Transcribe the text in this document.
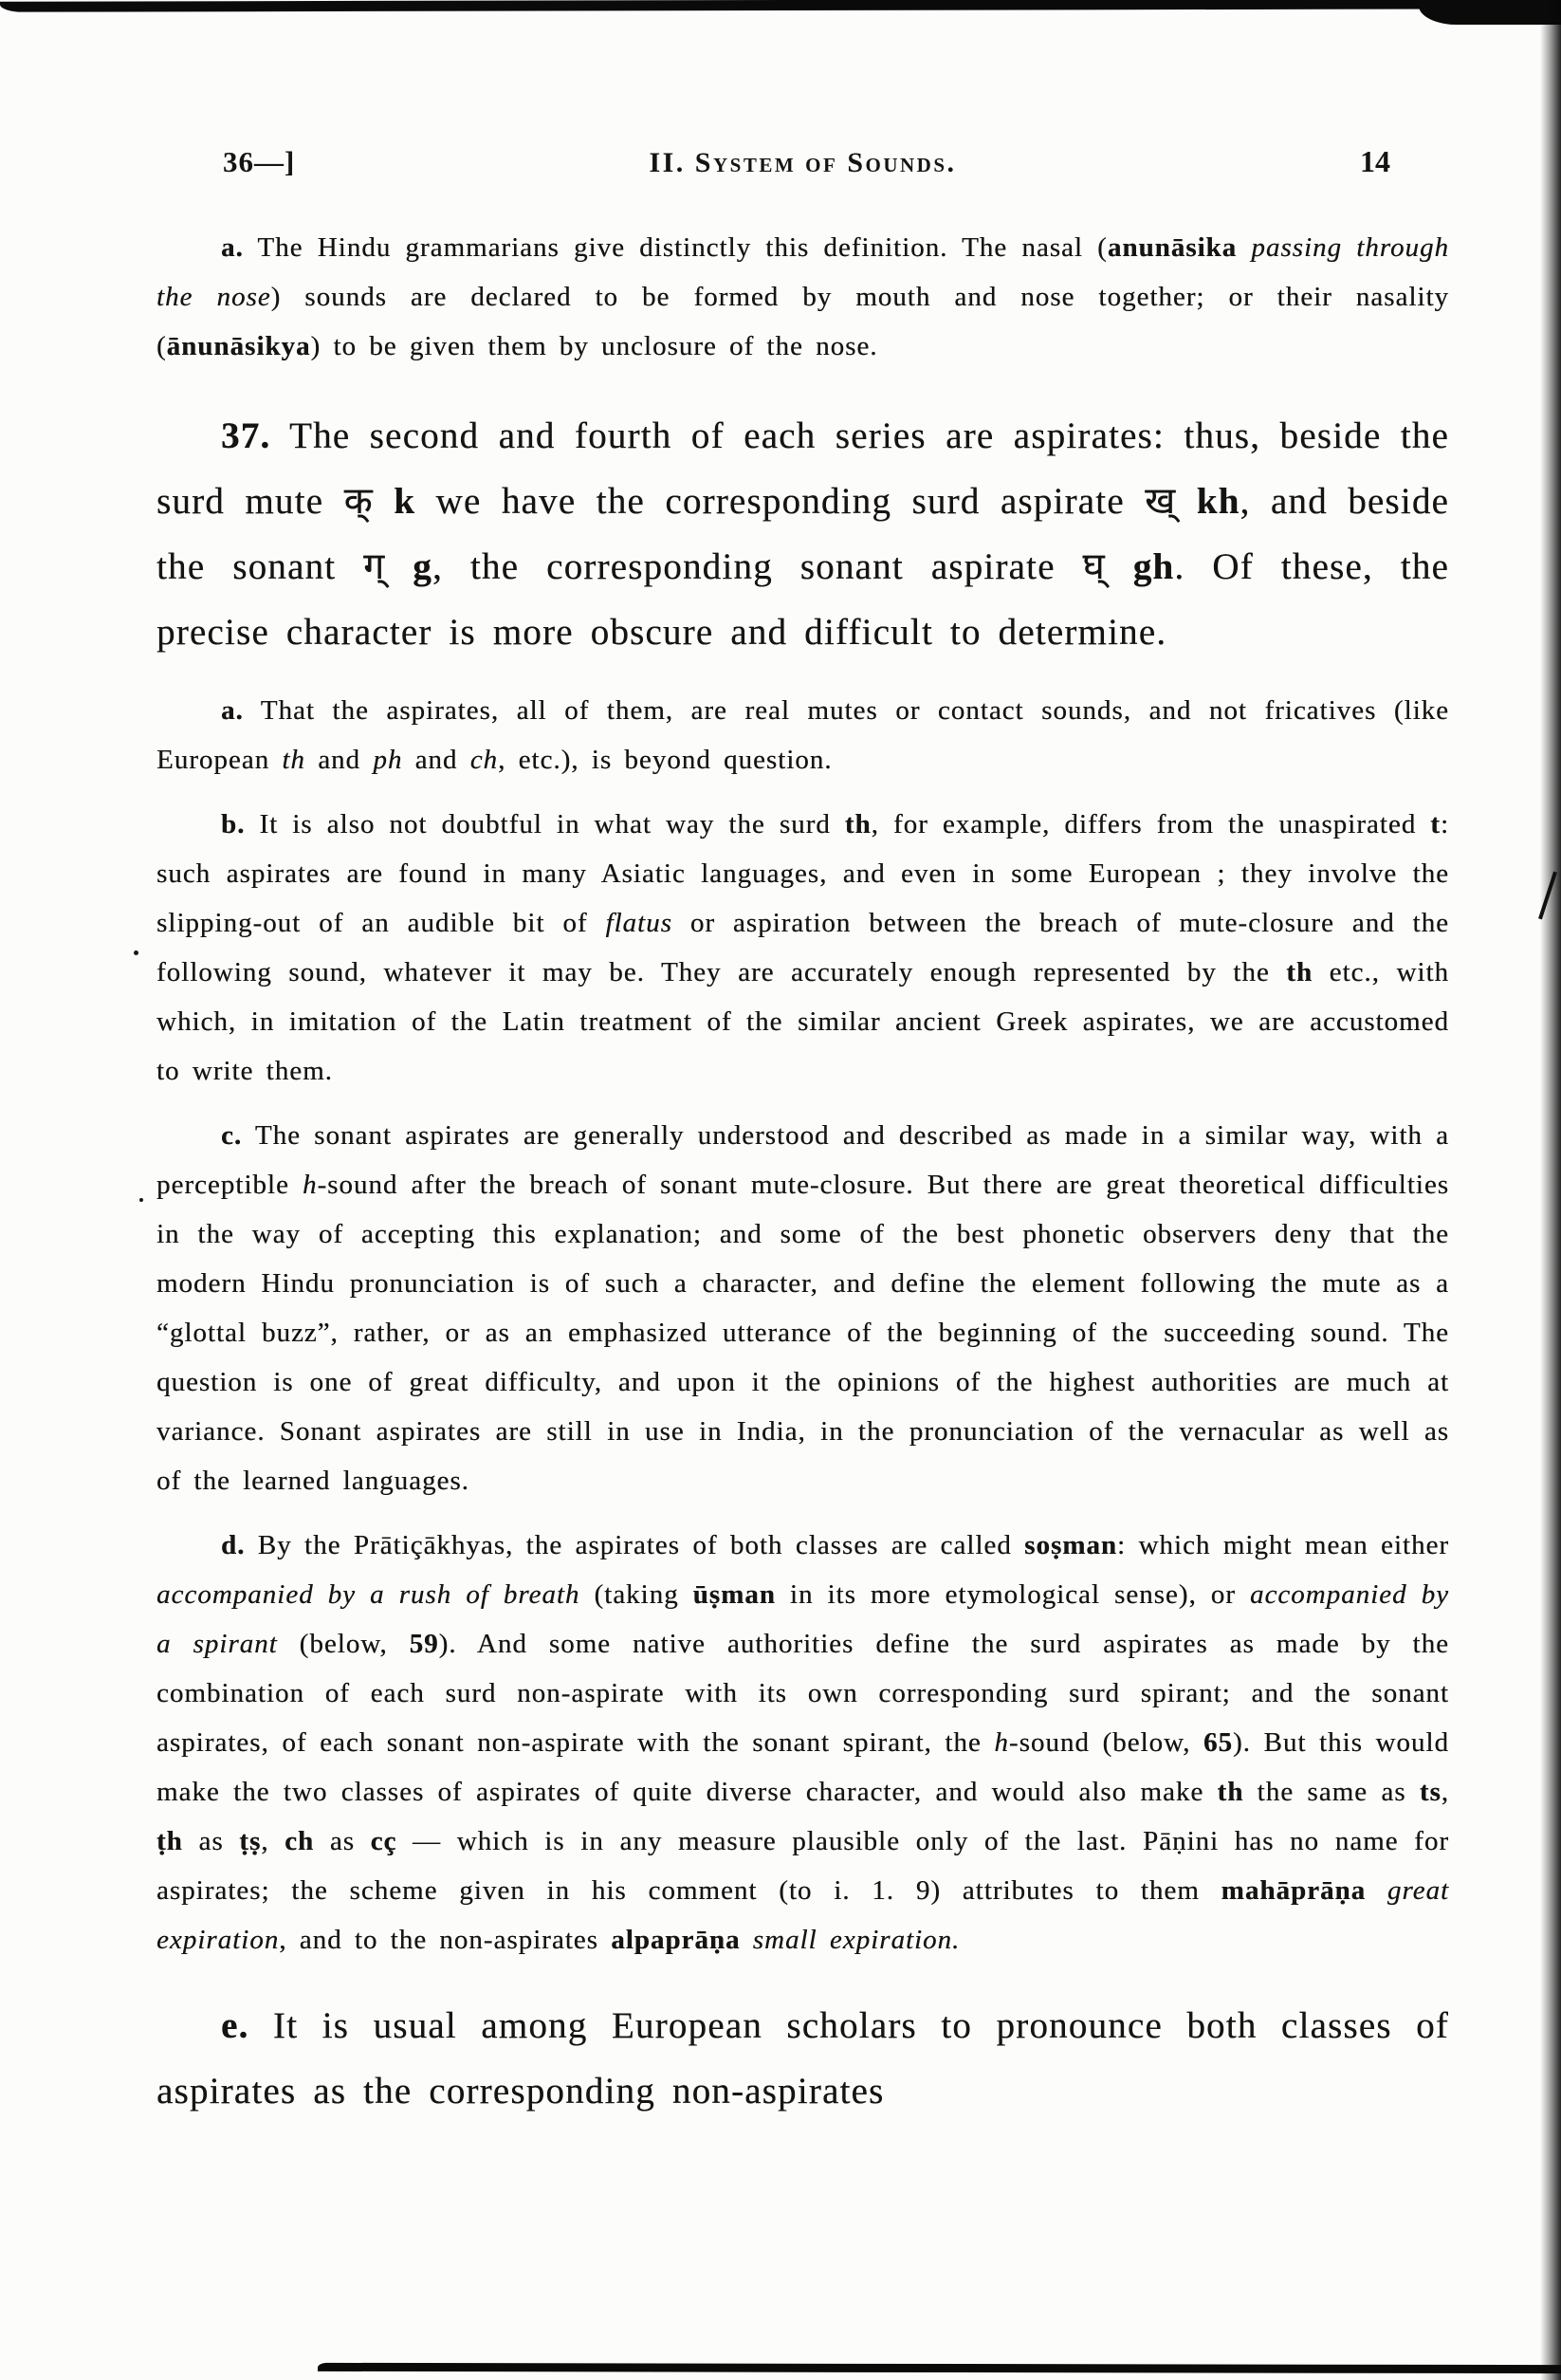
36—]	II. System of Sounds.	14

a. The Hindu grammarians give distinctly this definition. The nasal (anunāsika passing through the nose) sounds are declared to be formed by mouth and nose together; or their nasality (ānunāsikya) to be given them by unclosure of the nose.

37. The second and fourth of each series are aspirates: thus, beside the surd mute क् k we have the corresponding surd aspirate ख् kh, and beside the sonant ग् g, the corresponding sonant aspirate घ् gh. Of these, the precise character is more obscure and difficult to determine.

a. That the aspirates, all of them, are real mutes or contact sounds, and not fricatives (like European th and ph and ch, etc.), is beyond question.

b. It is also not doubtful in what way the surd th, for example, differs from the unaspirated t: such aspirates are found in many Asiatic languages, and even in some European ; they involve the slipping-out of an audible bit of flatus or aspiration between the breach of mute-closure and the following sound, whatever it may be. They are accurately enough represented by the th etc., with which, in imitation of the Latin treatment of the similar ancient Greek aspirates, we are accustomed to write them.

c. The sonant aspirates are generally understood and described as made in a similar way, with a perceptible h-sound after the breach of sonant mute-closure. But there are great theoretical difficulties in the way of accepting this explanation; and some of the best phonetic observers deny that the modern Hindu pronunciation is of such a character, and define the element following the mute as a “glottal buzz”, rather, or as an emphasized utterance of the beginning of the succeeding sound. The question is one of great difficulty, and upon it the opinions of the highest authorities are much at variance. Sonant aspirates are still in use in India, in the pronunciation of the vernacular as well as of the learned languages.

d. By the Prātiçākhyas, the aspirates of both classes are called soṣman: which might mean either accompanied by a rush of breath (taking ūṣman in its more etymological sense), or accompanied by a spirant (below, 59). And some native authorities define the surd aspirates as made by the combination of each surd non-aspirate with its own corresponding surd spirant; and the sonant aspirates, of each sonant non-aspirate with the sonant spirant, the h-sound (below, 65). But this would make the two classes of aspirates of quite diverse character, and would also make th the same as ts, ṭh as ṭṣ, ch as cç — which is in any measure plausible only of the last. Pāṇini has no name for aspirates; the scheme given in his comment (to i. 1. 9) attributes to them mahāprāṇa great expiration, and to the non-aspirates alpaprāṇa small expiration.

e. It is usual among European scholars to pronounce both classes of aspirates as the corresponding non-aspirates
